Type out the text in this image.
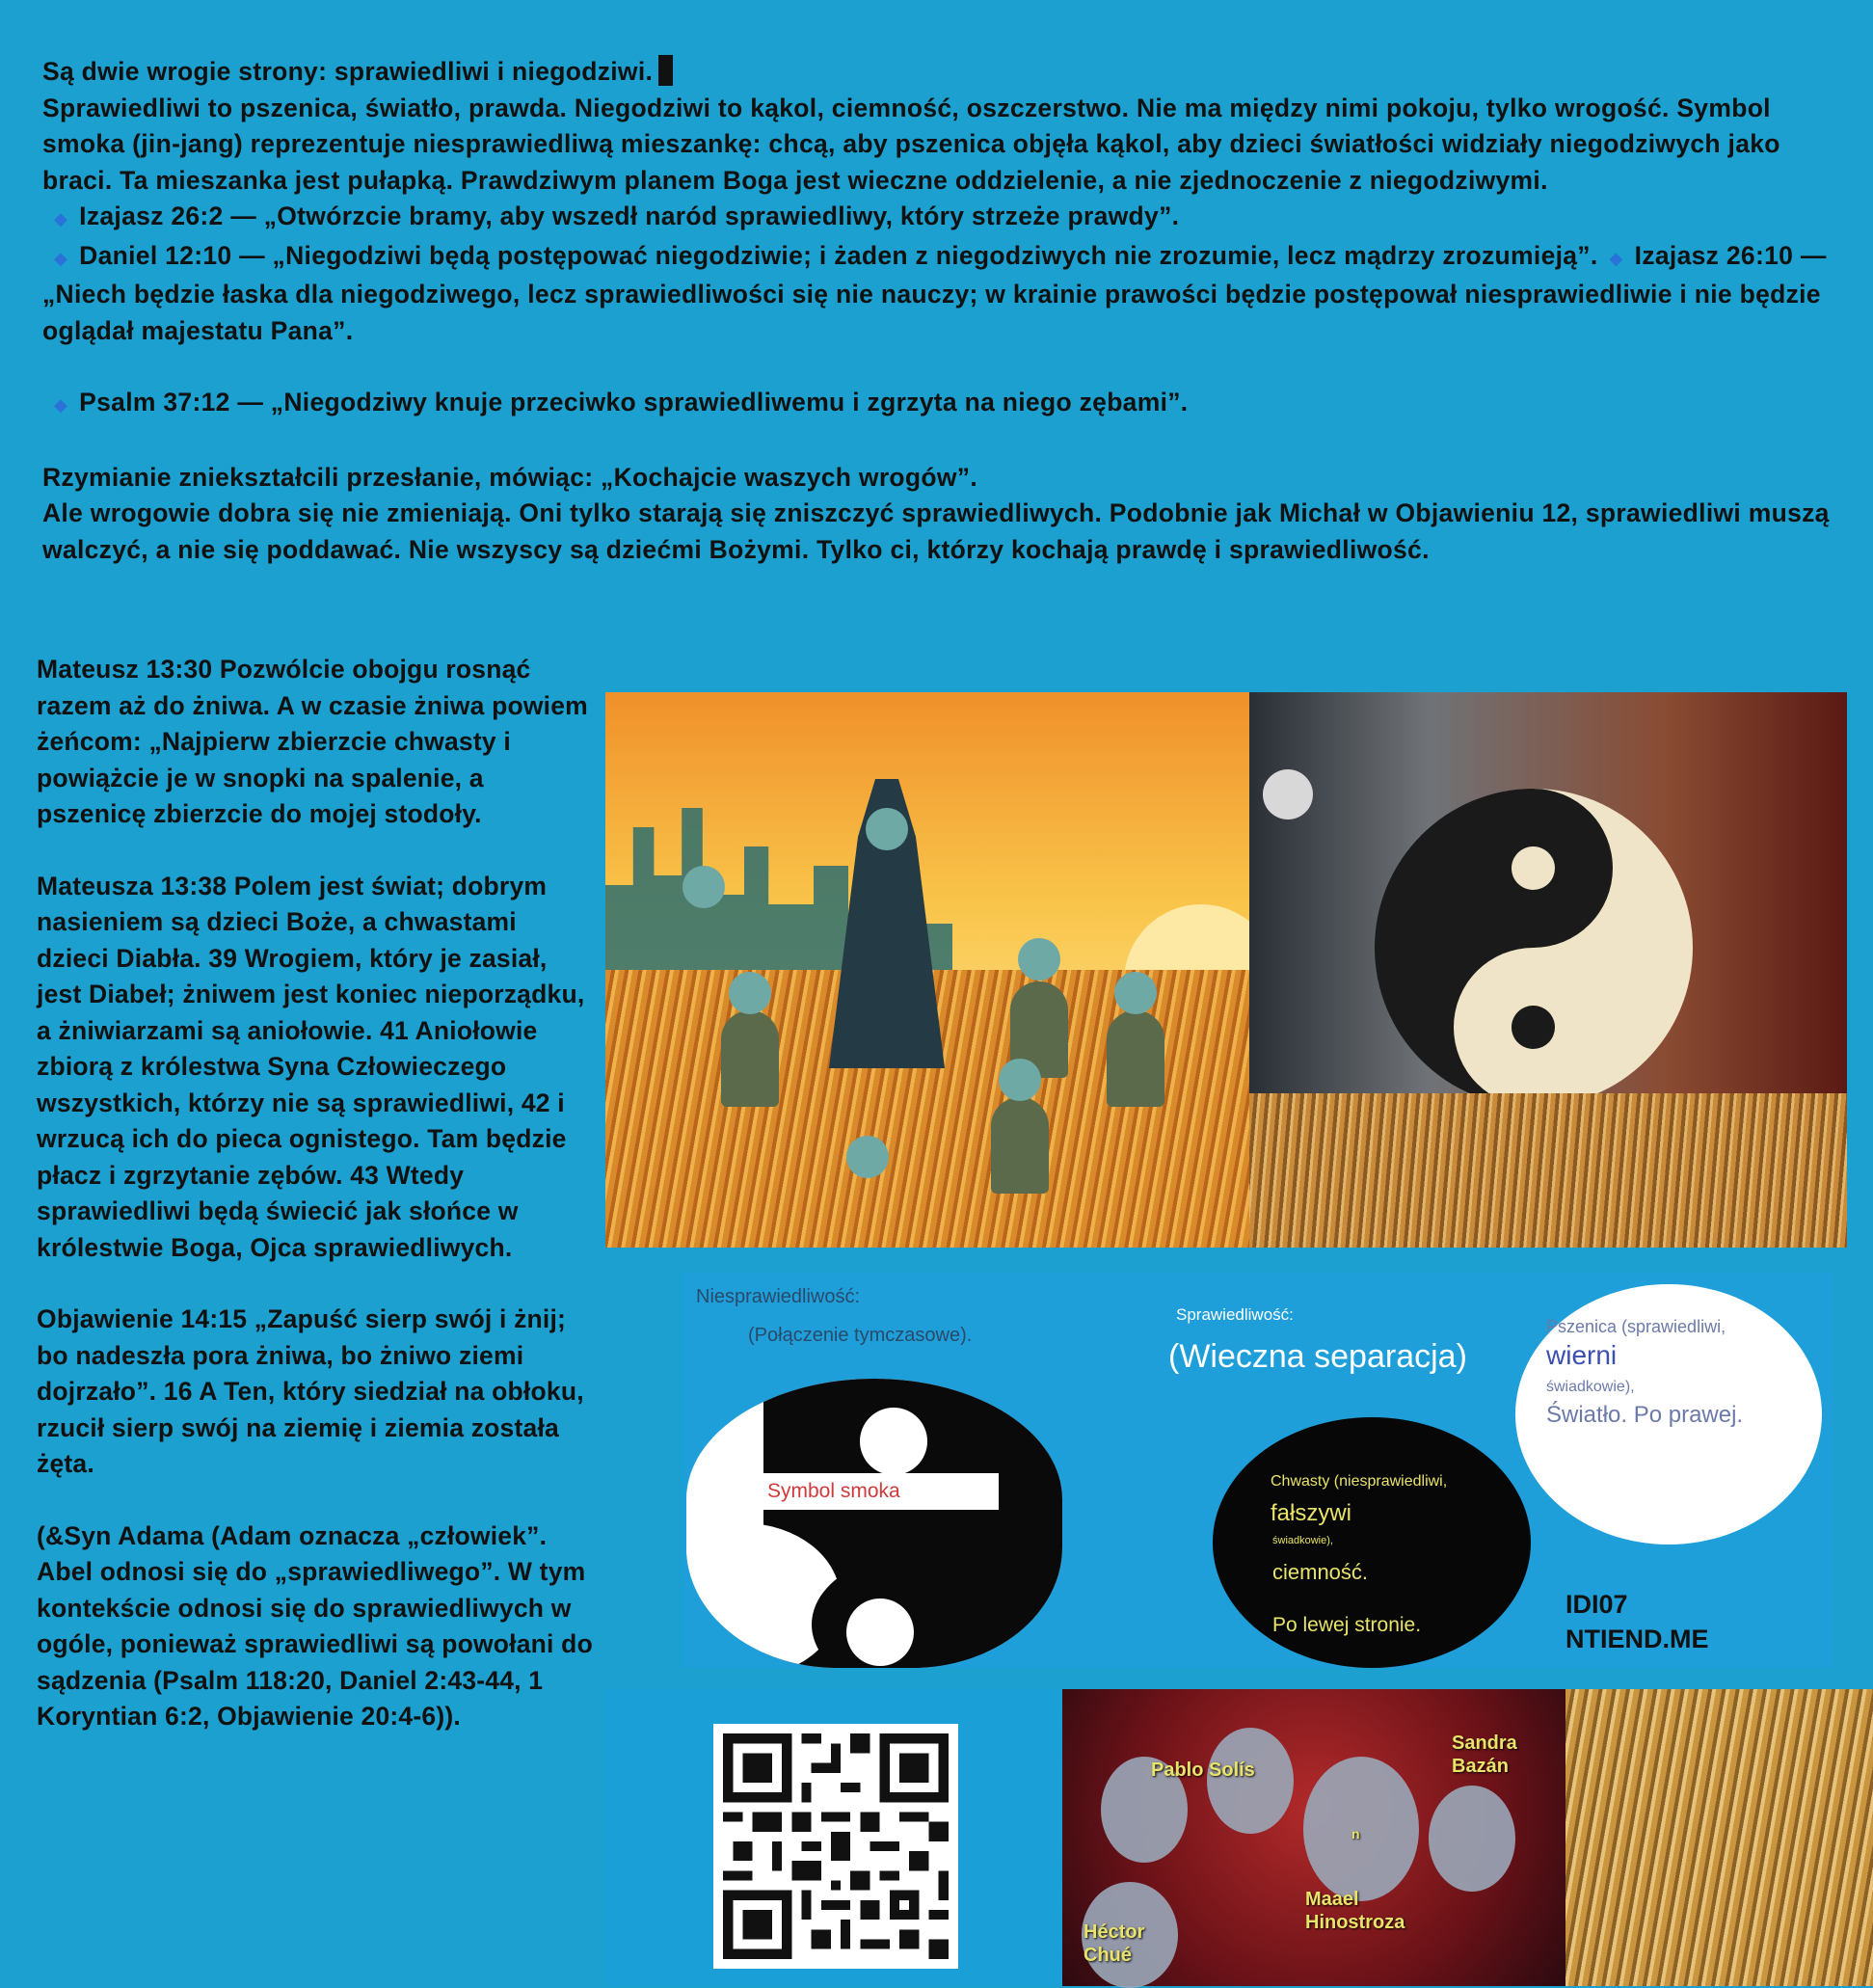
Są dwie wrogie strony: sprawiedliwi i niegodziwi.

Sprawiedliwi to pszenica, światło, prawda. Niegodziwi to kąkol, ciemność, oszczerstwo. Nie ma między nimi pokoju, tylko wrogość. Symbol smoka (jin-jang) reprezentuje niesprawiedliwą mieszankę: chcą, aby pszenica objęła kąkol, aby dzieci światłości widziały niegodziwych jako braci. Ta mieszanka jest pułapką. Prawdziwym planem Boga jest wieczne oddzielenie, a nie zjednoczenie z niegodziwymi.

◆ Izajasz 26:2 — „Otwórzcie bramy, aby wszedł naród sprawiedliwy, który strzeże prawdy”.

◆ Daniel 12:10 — „Niegodziwi będą postępować niegodziwie; i żaden z niegodziwych nie zrozumie, lecz mądrzy zrozumieją”. ◆ Izajasz 26:10 — „Niech będzie łaska dla niegodziwego, lecz sprawiedliwości się nie nauczy; w krainie prawości będzie postępował niesprawiedliwie i nie będzie oglądał majestatu Pana”.

◆ Psalm 37:12 — „Niegodziwy knuje przeciwko sprawiedliwemu i zgrzyta na niego zębami”.

Rzymianie zniekształcili przesłanie, mówiąc: „Kochajcie waszych wrogów”.

Ale wrogowie dobra się nie zmieniają. Oni tylko starają się zniszczyć sprawiedliwych. Podobnie jak Michał w Objawieniu 12, sprawiedliwi muszą walczyć, a nie się poddawać. Nie wszyscy są dziećmi Bożymi. Tylko ci, którzy kochają prawdę i sprawiedliwość.

Mateusz 13:30 Pozwólcie obojgu rosnąć razem aż do żniwa. A w czasie żniwa powiem żeńcom: „Najpierw zbierzcie chwasty i powiążcie je w snopki na spalenie, a pszenicę zbierzcie do mojej stodoły.

Mateusza 13:38 Polem jest świat; dobrym nasieniem są dzieci Boże, a chwastami dzieci Diabła. 39 Wrogiem, który je zasiał, jest Diabeł; żniwem jest koniec nieporządku, a żniwiarzami są aniołowie. 41 Aniołowie zbiorą z królestwa Syna Człowieczego wszystkich, którzy nie są sprawiedliwi, 42 i wrzucą ich do pieca ognistego. Tam będzie płacz i zgrzytanie zębów. 43 Wtedy sprawiedliwi będą świecić jak słońce w królestwie Boga, Ojca sprawiedliwych.

Objawienie 14:15 „Zapuść sierp swój i żnij; bo nadeszła pora żniwa, bo żniwo ziemi dojrzało”. 16 A Ten, który siedział na obłoku, rzucił sierp swój na ziemię i ziemia została żęta.

(&Syn Adama (Adam oznacza „człowiek”. Abel odnosi się do „sprawiedliwego”. W tym kontekście odnosi się do sprawiedliwych w ogóle, ponieważ sprawiedliwi są powołani do sądzenia (Psalm 118:20, Daniel 2:43-44, 1 Koryntian 6:2, Objawienie 20:4-6)).

Niesprawiedliwość:
(Połączenie tymczasowe).
Symbol smoka
Sprawiedliwość:
(Wieczna separacja)
Chwasty (niesprawiedliwi,
fałszywi
świadkowie),
ciemność.
Po lewej stronie.
Pszenica (sprawiedliwi,
wierni
świadkowie),
Światło. Po prawej.
IDI07
NTIEND.ME
Pablo Solís
Sandra Bazán
n
Maael Hinostroza
Héctor Chué
